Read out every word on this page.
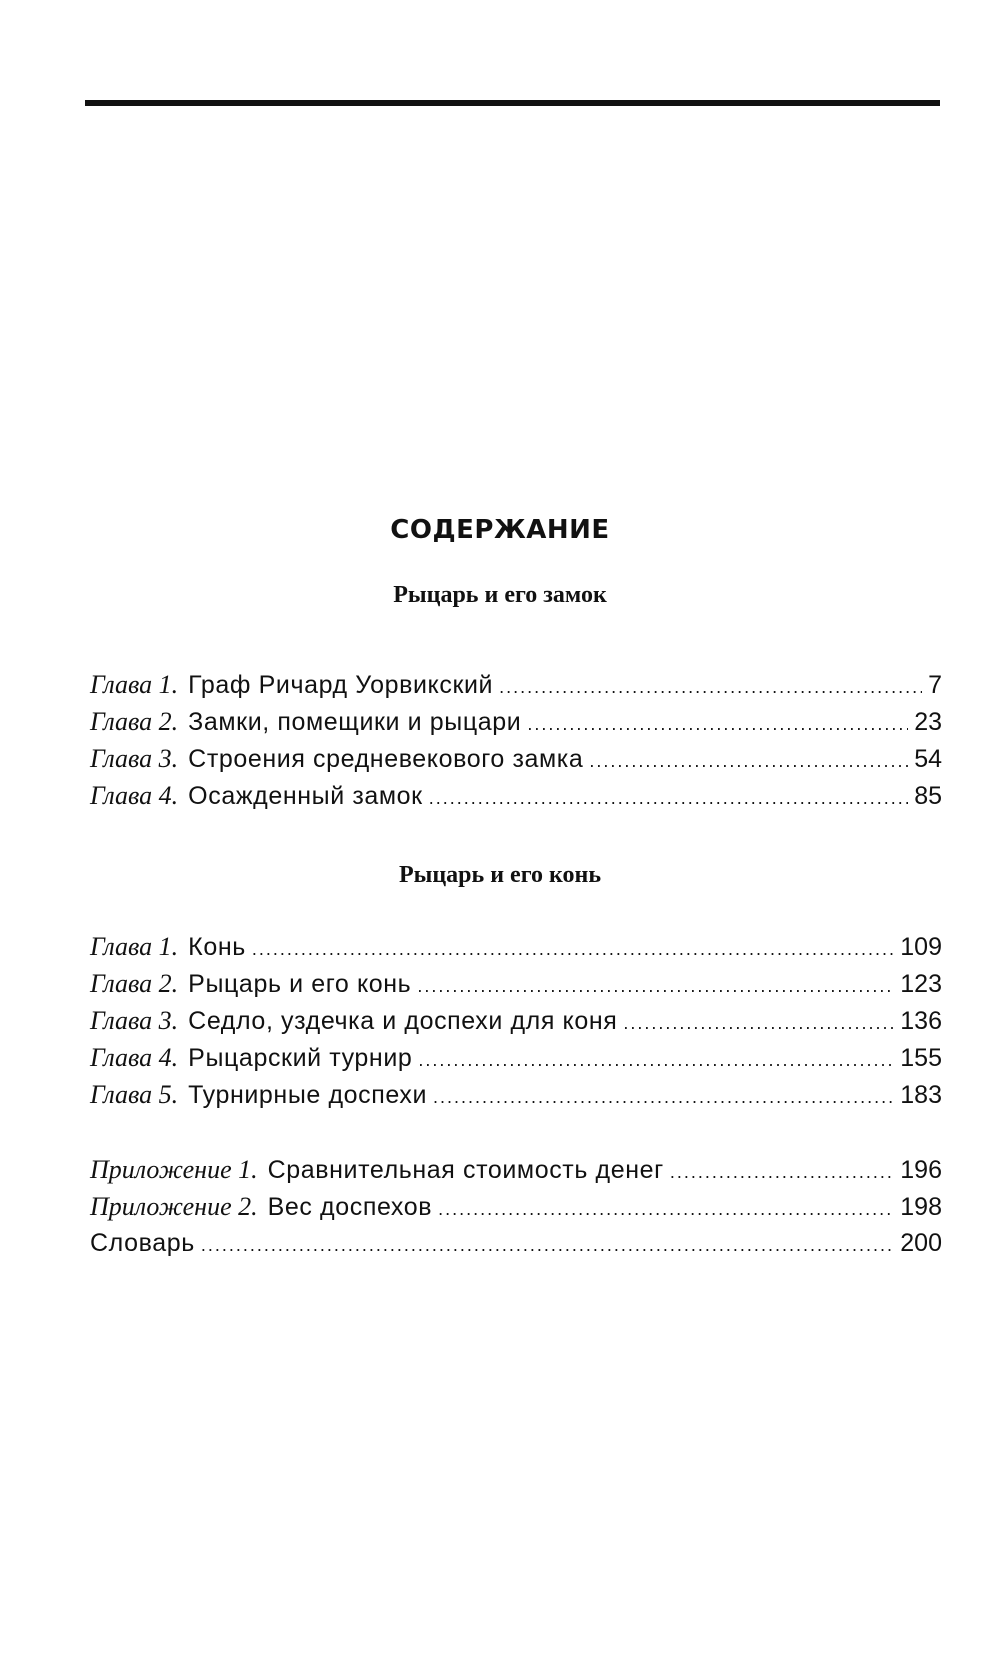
СОДЕРЖАНИЕ
Рыцарь и его замок
Глава 1. Граф Ричард Уорвикский .....	7
Глава 2. Замки, помещики и рыцари .....	23
Глава 3. Строения средневекового замка .....	54
Глава 4. Осажденный замок .....	85
Рыцарь и его конь
Глава 1. Конь .....	109
Глава 2. Рыцарь и его конь .....	123
Глава 3. Седло, уздечка и доспехи для коня .....	136
Глава 4. Рыцарский турнир .....	155
Глава 5. Турнирные доспехи .....	183
Приложение 1. Сравнительная стоимость денег .....	196
Приложение 2. Вес доспехов .....	198
Словарь .....	200
